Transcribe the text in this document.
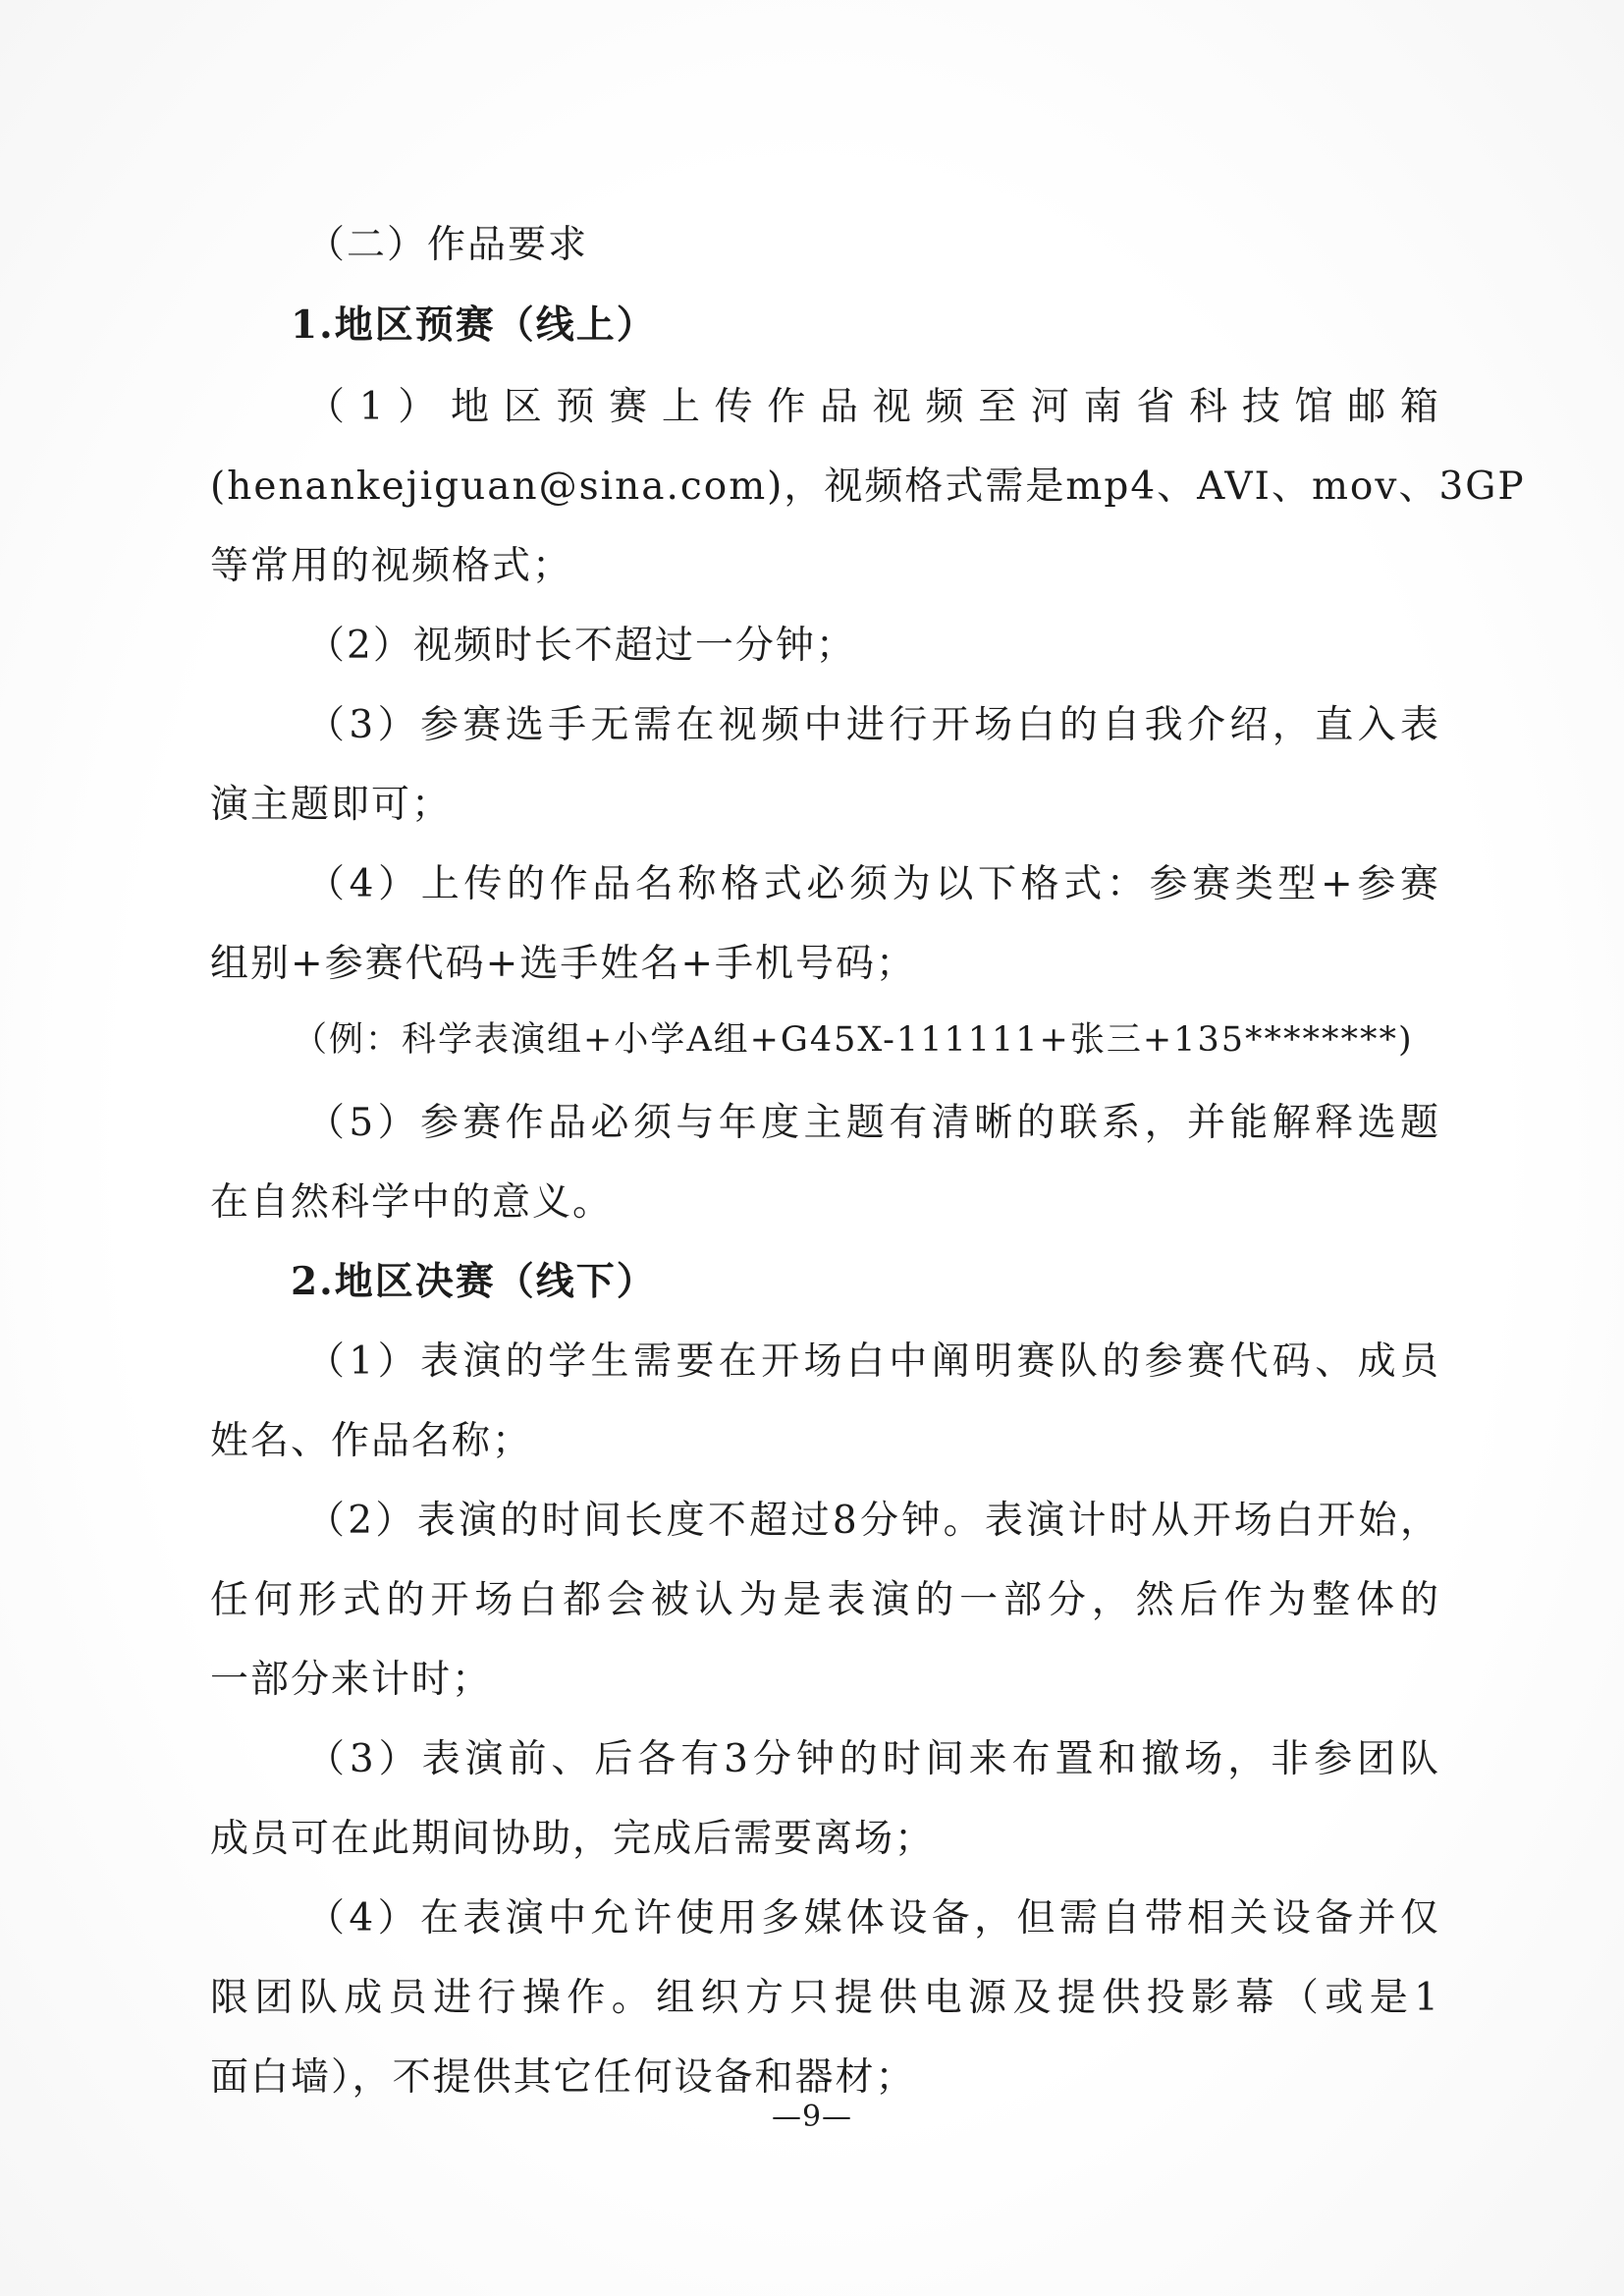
（二）作品要求

1.地区预赛（线上）

（1）地区预赛上传作品视频至河南省科技馆邮箱

(henankejiguan@sina.com)，视频格式需是mp4、AVI、mov、3GP

等常用的视频格式；

（2）视频时长不超过一分钟；

（3）参赛选手无需在视频中进行开场白的自我介绍，直入表

演主题即可；

（4）上传的作品名称格式必须为以下格式：参赛类型+参赛

组别+参赛代码+选手姓名+手机号码；

（例：科学表演组+小学A组+G45X-111111+张三+135********)

（5）参赛作品必须与年度主题有清晰的联系，并能解释选题

在自然科学中的意义。

2.地区决赛（线下）

（1）表演的学生需要在开场白中阐明赛队的参赛代码、成员

姓名、作品名称；

（2）表演的时间长度不超过8分钟。表演计时从开场白开始，

任何形式的开场白都会被认为是表演的一部分，然后作为整体的

一部分来计时；

（3）表演前、后各有3分钟的时间来布置和撤场，非参团队

成员可在此期间协助，完成后需要离场；

（4）在表演中允许使用多媒体设备，但需自带相关设备并仅

限团队成员进行操作。组织方只提供电源及提供投影幕（或是1

面白墙），不提供其它任何设备和器材；

—9—
